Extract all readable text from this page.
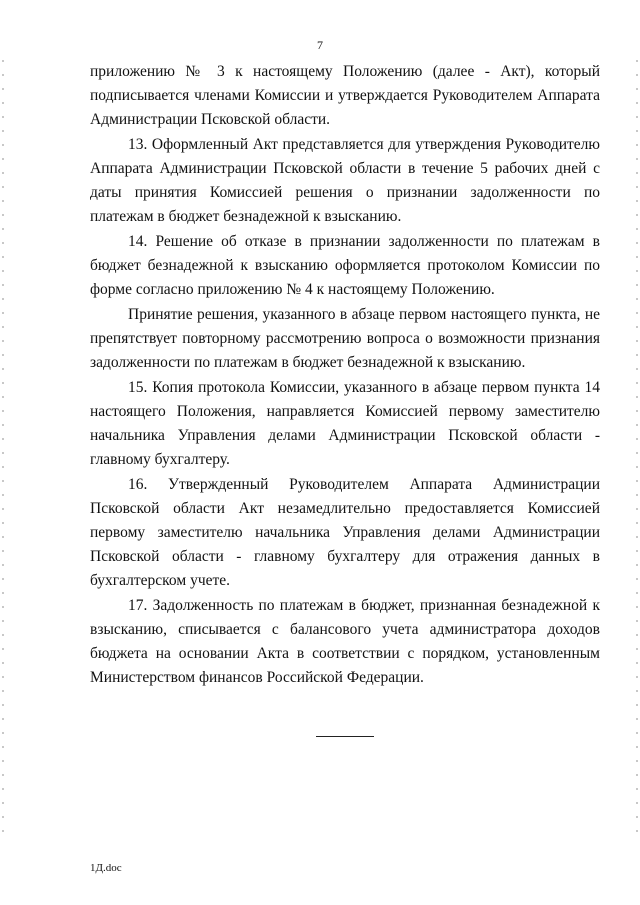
7

приложению № 3 к настоящему Положению (далее - Акт), который подписывается членами Комиссии и утверждается Руководителем Аппарата Администрации Псковской области.

13. Оформленный Акт представляется для утверждения Руководителю Аппарата Администрации Псковской области в течение 5 рабочих дней с даты принятия Комиссией решения о признании задолженности по платежам в бюджет безнадежной к взысканию.

14. Решение об отказе в признании задолженности по платежам в бюджет безнадежной к взысканию оформляется протоколом Комиссии по форме согласно приложению № 4 к настоящему Положению.

Принятие решения, указанного в абзаце первом настоящего пункта, не препятствует повторному рассмотрению вопроса о возможности признания задолженности по платежам в бюджет безнадежной к взысканию.

15. Копия протокола Комиссии, указанного в абзаце первом пункта 14 настоящего Положения, направляется Комиссией первому заместителю начальника Управления делами Администрации Псковской области - главному бухгалтеру.

16. Утвержденный Руководителем Аппарата Администрации Псковской области Акт незамедлительно предоставляется Комиссией первому заместителю начальника Управления делами Администрации Псковской области - главному бухгалтеру для отражения данных в бухгалтерском учете.

17. Задолженность по платежам в бюджет, признанная безнадежной к взысканию, списывается с балансового учета администратора доходов бюджета на основании Акта в соответствии с порядком, установленным Министерством финансов Российской Федерации.

1Д.doc
